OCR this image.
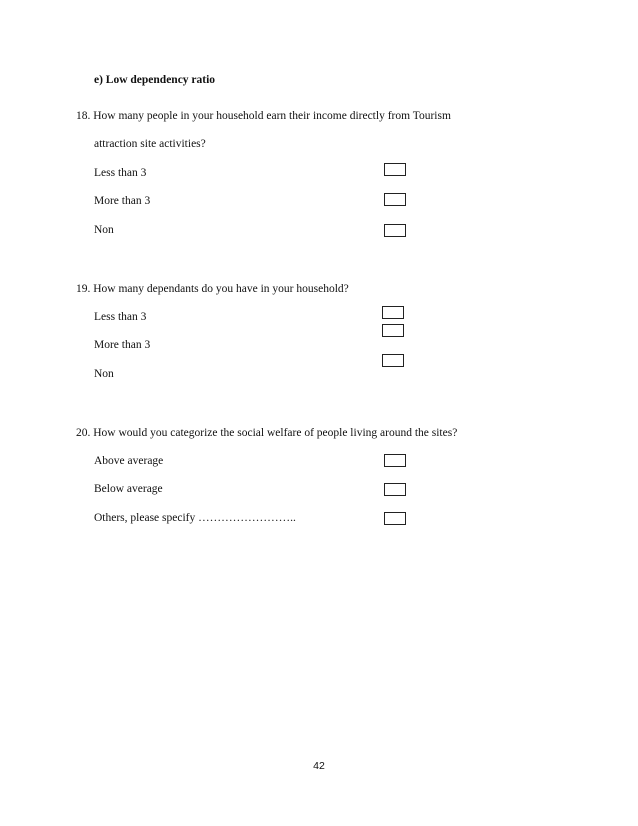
e) Low dependency ratio
18. How many people in your household earn their income directly from Tourism
attraction site activities?
Less than 3
More than 3
Non
19. How many dependants do you have in your household?
Less than 3
More than 3
Non
20. How would you categorize the social welfare of people living around the sites?
Above average
Below average
Others, please specify ……………………..
42
